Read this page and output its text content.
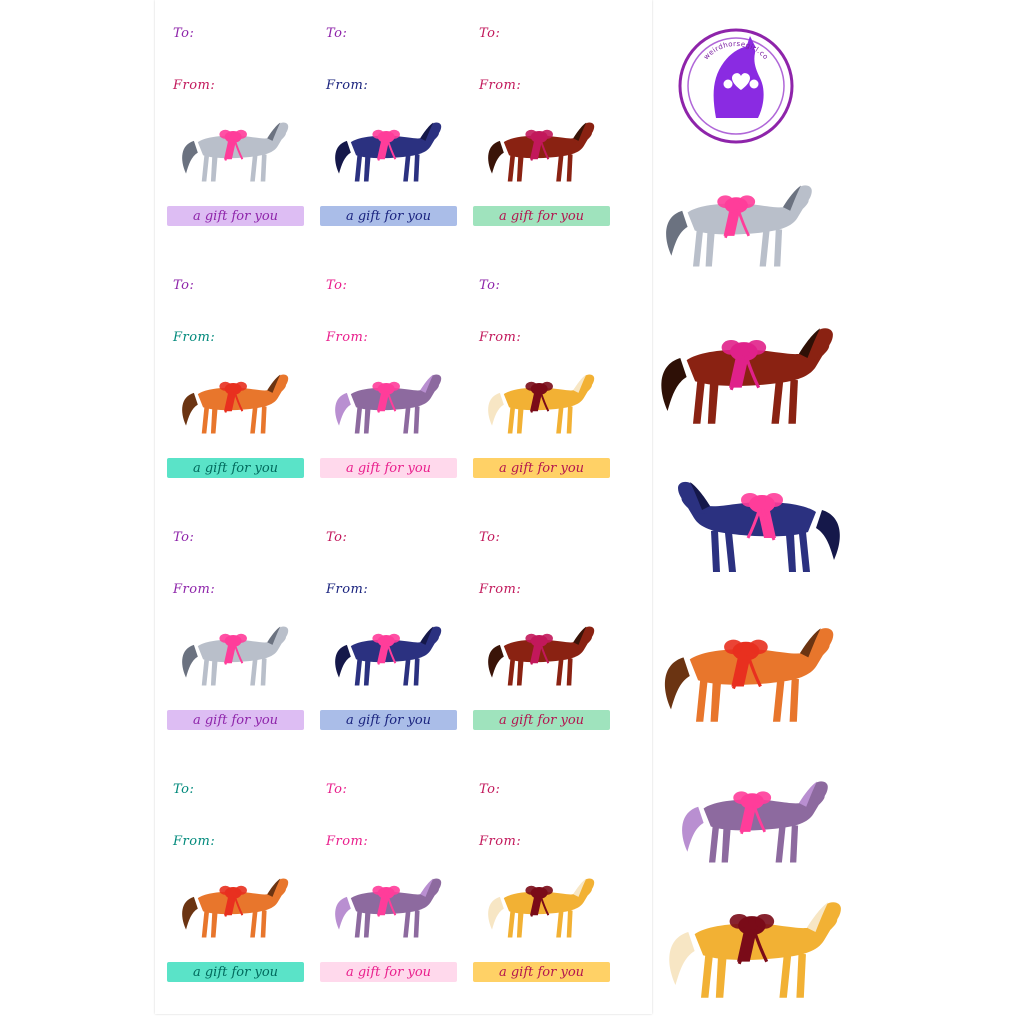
weirdhorsegirl.co
To:
From:
a gift for you
To:
From:
a gift for you
To:
From:
a gift for you
To:
From:
a gift for you
To:
From:
a gift for you
To:
From:
a gift for you
To:
From:
a gift for you
To:
From:
a gift for you
To:
From:
a gift for you
To:
From:
a gift for you
To:
From:
a gift for you
To:
From:
a gift for you
